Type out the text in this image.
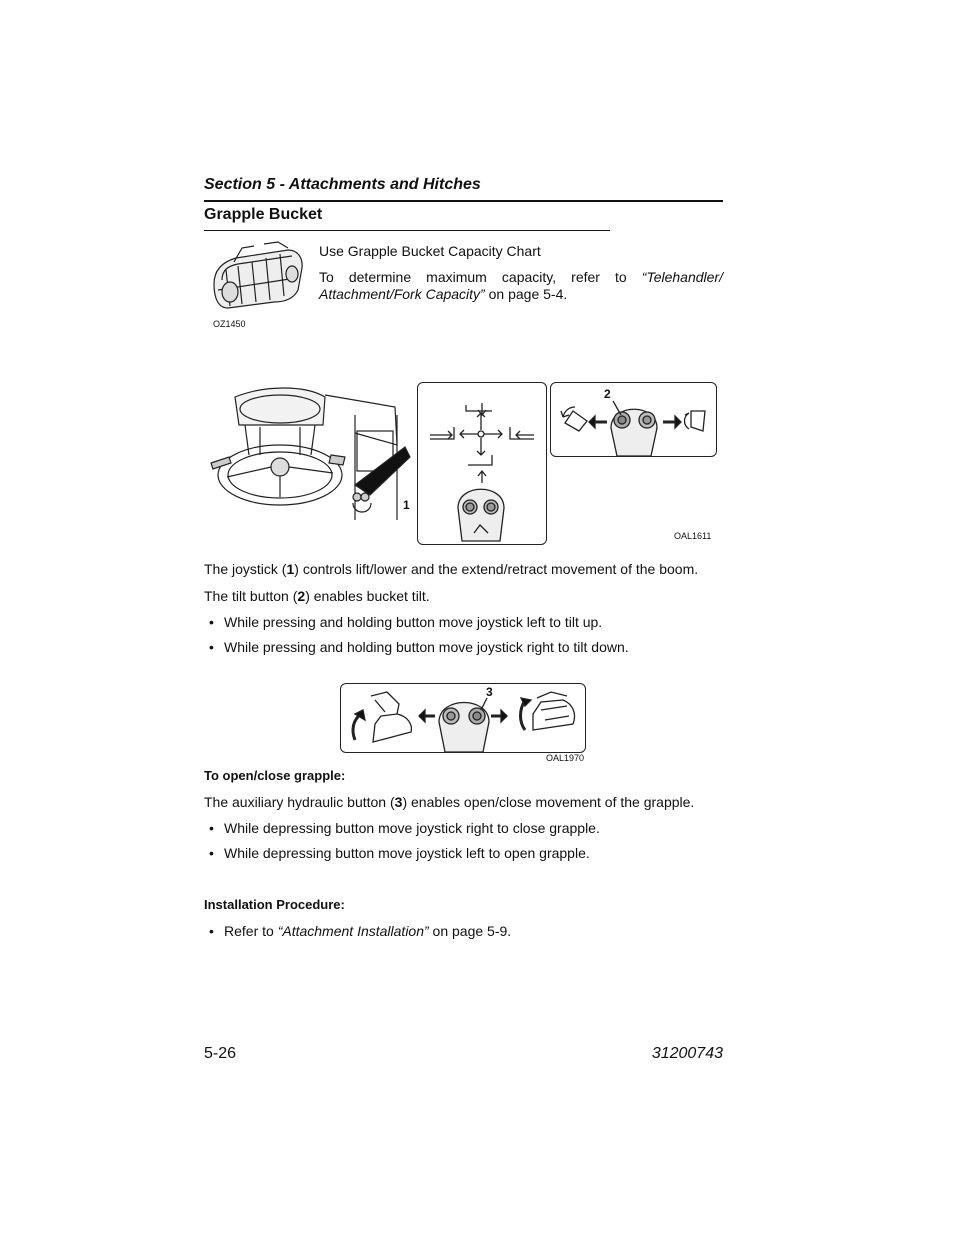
Section 5 - Attachments and Hitches
Grapple Bucket
OZ1450
Use Grapple Bucket Capacity Chart
To determine maximum capacity, refer to “Telehandler/
Attachment/Fork Capacity” on page 5-4.
1
2
OAL1611
The joystick (1) controls lift/lower and the extend/retract movement of the boom.
The tilt button (2) enables bucket tilt.
• While pressing and holding button move joystick left to tilt up.
• While pressing and holding button move joystick right to tilt down.
3
OAL1970
To open/close grapple:
The auxiliary hydraulic button (3) enables open/close movement of the grapple.
• While depressing button move joystick right to close grapple.
• While depressing button move joystick left to open grapple.
Installation Procedure:
• Refer to “Attachment Installation” on page 5-9.
5-26	31200743
